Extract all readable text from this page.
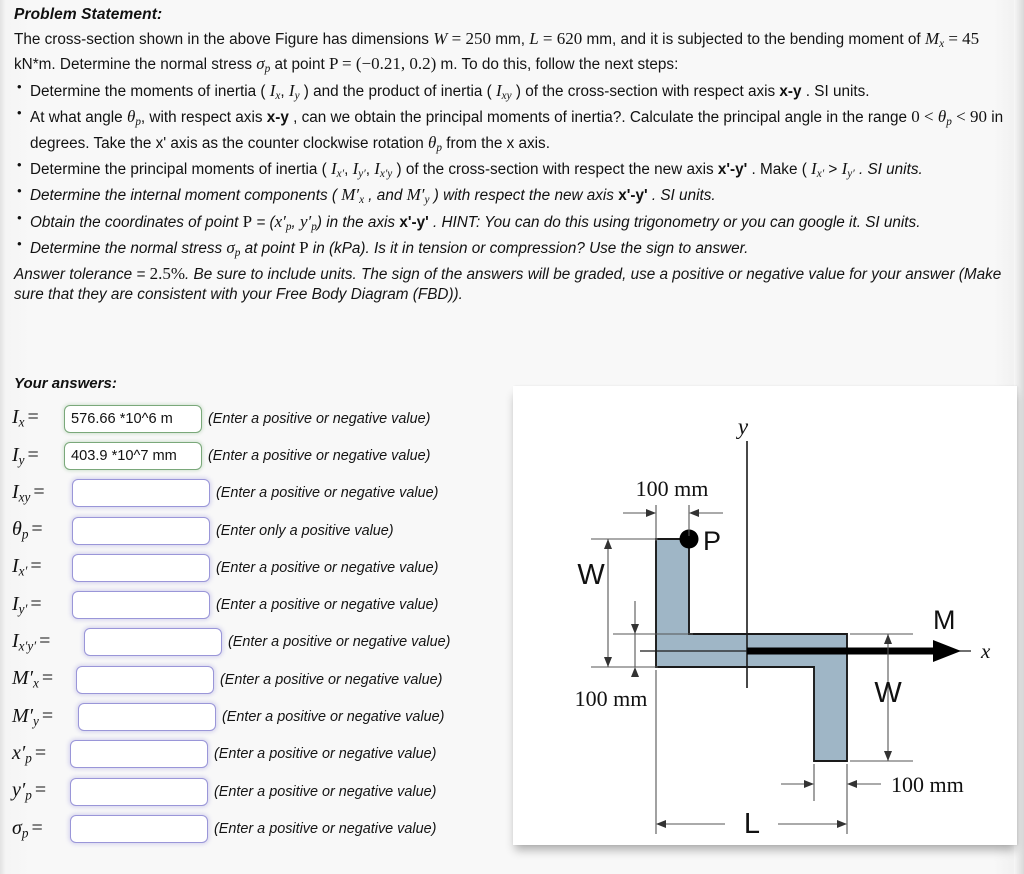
Problem Statement:
The cross-section shown in the above Figure has dimensions W = 250 mm, L = 620 mm, and it is subjected to the bending moment of $M_x = 45$ kN*m. Determine the normal stress $\sigma_p$ at point P = (−0.21, 0.2) m. To do this, follow the next steps:
• Determine the moments of inertia ( $I_x$, $I_y$ ) and the product of inertia ( $I_{xy}$ ) of the cross-section with respect axis x-y . SI units.
• At what angle $\theta_p$, with respect axis x-y , can we obtain the principal moments of inertia?. Calculate the principal angle in the range $0 < \theta_p < 90$ in degrees. Take the x' axis as the counter clockwise rotation $\theta_p$ from the x axis.
• Determine the principal moments of inertia ( $I_{x'}$, $I_{y'}$, $I_{x'y}$ ) of the cross-section with respect the new axis x'-y' . Make ( $I_{x'} > I_{y'}$ . SI units.
• Determine the internal moment components ( $M'_x$ , and $M'_y$ ) with respect the new axis x'-y' . SI units.
• Obtain the coordinates of point $P = (x'_p$, $y'_p$) in the axis x'-y' . HINT: You can do this using trigonometry or you can google it. SI units.
• Determine the normal stress $\sigma_p$ at point P in (kPa). Is it in tension or compression? Use the sign to answer.
Answer tolerance = 2.5%. Be sure to include units. The sign of the answers will be graded, use a positive or negative value for your answer (Make sure that they are consistent with your Free Body Diagram (FBD)).
Your answers:
$I_x$ =
576.66 *10^6 m	(Enter a positive or negative value)
$I_y$ =
403.9 *10^7 mm	(Enter a positive or negative value)
$I_{xy}$ =	(Enter a positive or negative value)
$\theta_p$ =	(Enter only a positive value)
$I_{x'}$ =	(Enter a positive or negative value)
$I_{y'}$ =	(Enter a positive or negative value)
$I_{x'y'}$ =	(Enter a positive or negative value)
$M'_x$ =	(Enter a positive or negative value)
$M'_y$ =	(Enter a positive or negative value)
$x'_p$ =	(Enter a positive or negative value)
$y'_p$ =	(Enter a positive or negative value)
$\sigma_p$ =	(Enter a positive or negative value)
y
x
M
P
100 mm
W
100 mm	W
100 mm
L
